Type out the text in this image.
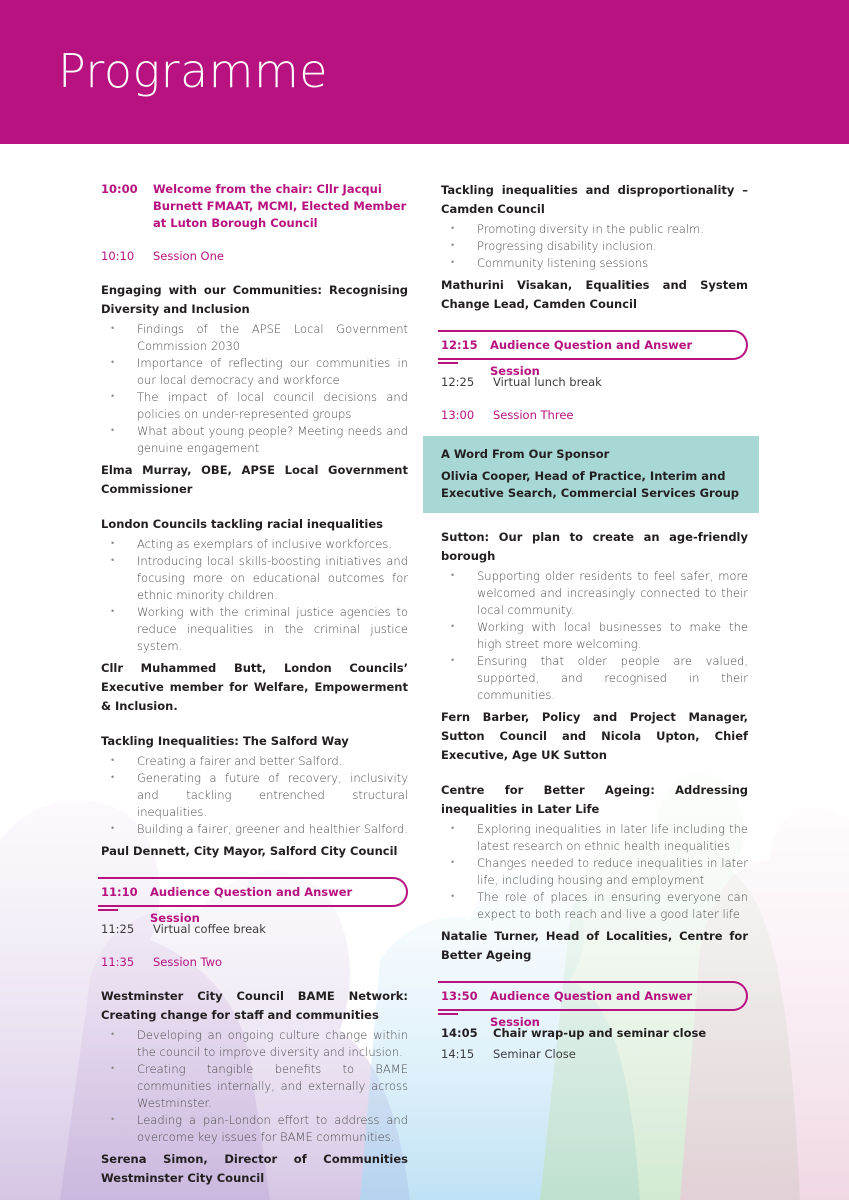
Programme
10:00 Welcome from the chair: Cllr Jacqui Burnett FMAAT, MCMI, Elected Member at Luton Borough Council
10:10 Session One
Engaging with our Communities: Recognising Diversity and Inclusion
• Findings of the APSE Local Government Commission 2030
• Importance of reflecting our communities in our local democracy and workforce
• The impact of local council decisions and policies on under-represented groups
• What about young people? Meeting needs and genuine engagement
Elma Murray, OBE, APSE Local Government Commissioner
London Councils tackling racial inequalities
• Acting as exemplars of inclusive workforces.
• Introducing local skills-boosting initiatives and focusing more on educational outcomes for ethnic minority children.
• Working with the criminal justice agencies to reduce inequalities in the criminal justice system.
Cllr Muhammed Butt, London Councils’ Executive member for Welfare, Empowerment & Inclusion.
Tackling Inequalities: The Salford Way
• Creating a fairer and better Salford.
• Generating a future of recovery, inclusivity and tackling entrenched structural inequalities.
• Building a fairer, greener and healthier Salford.
Paul Dennett, City Mayor, Salford City Council
11:10 Audience Question and Answer Session
11:25 Virtual coffee break
11:35 Session Two
Westminster City Council BAME Network: Creating change for staff and communities
• Developing an ongoing culture change within the council to improve diversity and inclusion.
• Creating tangible benefits to BAME communities internally, and externally across Westminster.
• Leading a pan-London effort to address and overcome key issues for BAME communities.
Serena Simon, Director of Communities Westminster City Council
Tackling inequalities and disproportionality – Camden Council
• Promoting diversity in the public realm.
• Progressing disability inclusion.
• Community listening sessions
Mathurini Visakan, Equalities and System Change Lead, Camden Council
12:15 Audience Question and Answer Session
12:25 Virtual lunch break
13:00 Session Three
Sutton: Our plan to create an age-friendly borough
• Supporting older residents to feel safer, more welcomed and increasingly connected to their local community.
• Working with local businesses to make the high street more welcoming.
• Ensuring that older people are valued, supported, and recognised in their communities.
Fern Barber, Policy and Project Manager, Sutton Council and Nicola Upton, Chief Executive, Age UK Sutton
Centre for Better Ageing: Addressing inequalities in Later Life
• Exploring inequalities in later life including the latest research on ethnic health inequalities
• Changes needed to reduce inequalities in later life, including housing and employment
• The role of places in ensuring everyone can expect to both reach and live a good later life
Natalie Turner, Head of Localities, Centre for Better Ageing
13:50 Audience Question and Answer Session
14:05 Chair wrap-up and seminar close
14:15 Seminar Close
A Word From Our Sponsor
Olivia Cooper, Head of Practice, Interim and Executive Search, Commercial Services Group
